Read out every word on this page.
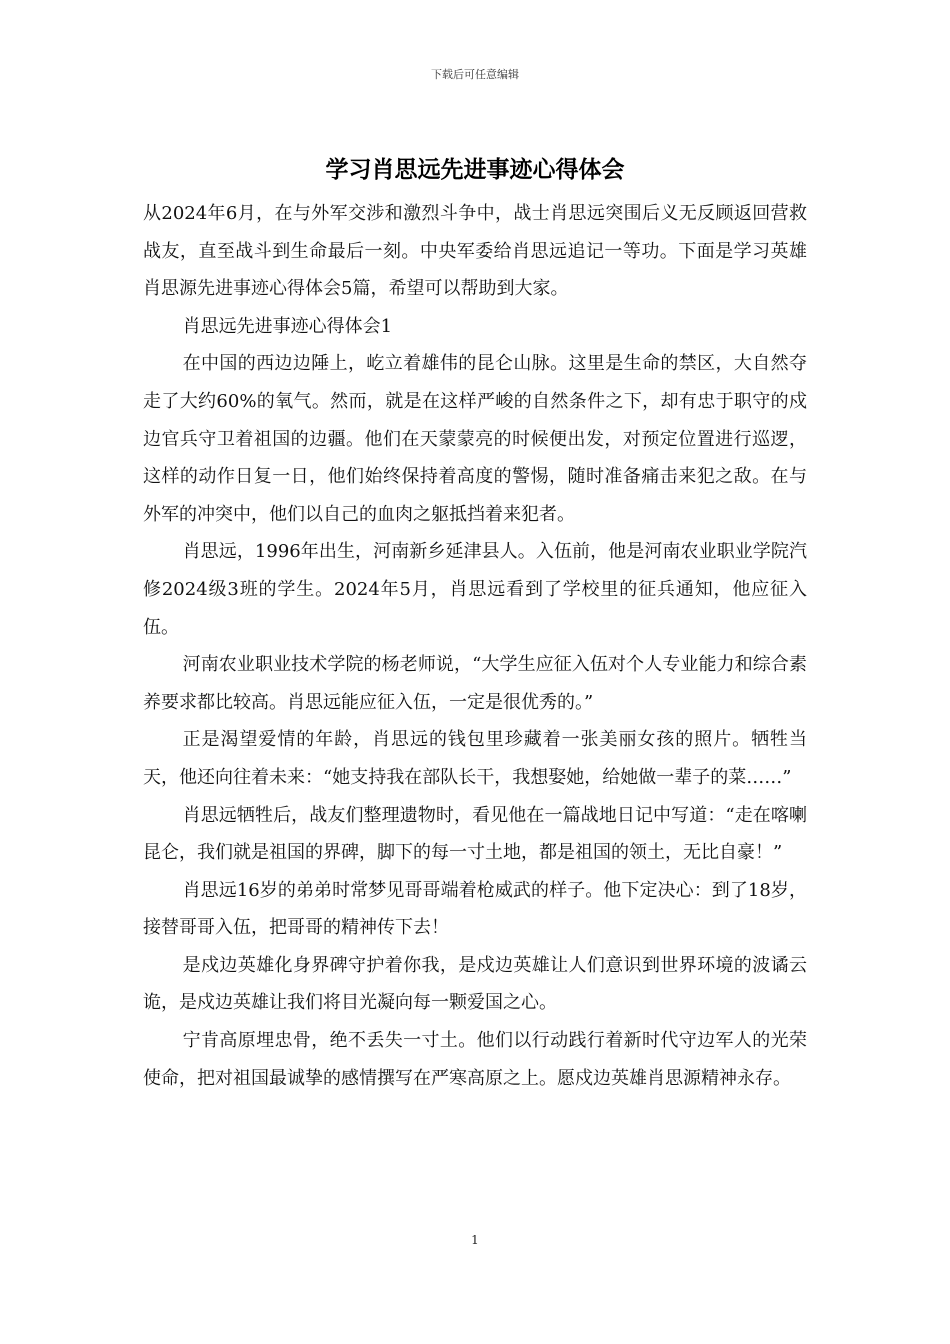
下载后可任意编辑
学习肖思远先进事迹心得体会

从2024年6月，在与外军交涉和激烈斗争中，战士肖思远突围后义无反顾返回营救战友，直至战斗到生命最后一刻。中央军委给肖思远追记一等功。下面是学习英雄肖思源先进事迹心得体会5篇，希望可以帮助到大家。

肖思远先进事迹心得体会1

在中国的西边边陲上，屹立着雄伟的昆仑山脉。这里是生命的禁区，大自然夺走了大约60%的氧气。然而，就是在这样严峻的自然条件之下，却有忠于职守的戍边官兵守卫着祖国的边疆。他们在天蒙蒙亮的时候便出发，对预定位置进行巡逻，这样的动作日复一日，他们始终保持着高度的警惕，随时准备痛击来犯之敌。在与外军的冲突中，他们以自己的血肉之躯抵挡着来犯者。

肖思远，1996年出生，河南新乡延津县人。入伍前，他是河南农业职业学院汽修2024级3班的学生。2024年5月，肖思远看到了学校里的征兵通知，他应征入伍。

河南农业职业技术学院的杨老师说，“大学生应征入伍对个人专业能力和综合素养要求都比较高。肖思远能应征入伍，一定是很优秀的。”

正是渴望爱情的年龄，肖思远的钱包里珍藏着一张美丽女孩的照片。牺牲当天，他还向往着未来：“她支持我在部队长干，我想娶她，给她做一辈子的菜……”

肖思远牺牲后，战友们整理遗物时，看见他在一篇战地日记中写道：“走在喀喇昆仑，我们就是祖国的界碑，脚下的每一寸土地，都是祖国的领土，无比自豪！”

肖思远16岁的弟弟时常梦见哥哥端着枪威武的样子。他下定决心：到了18岁，接替哥哥入伍，把哥哥的精神传下去！

是戍边英雄化身界碑守护着你我，是戍边英雄让人们意识到世界环境的波谲云诡，是戍边英雄让我们将目光凝向每一颗爱国之心。

宁肯高原埋忠骨，绝不丢失一寸土。他们以行动践行着新时代守边军人的光荣使命，把对祖国最诚挚的感情撰写在严寒高原之上。愿戍边英雄肖思源精神永存。

1
